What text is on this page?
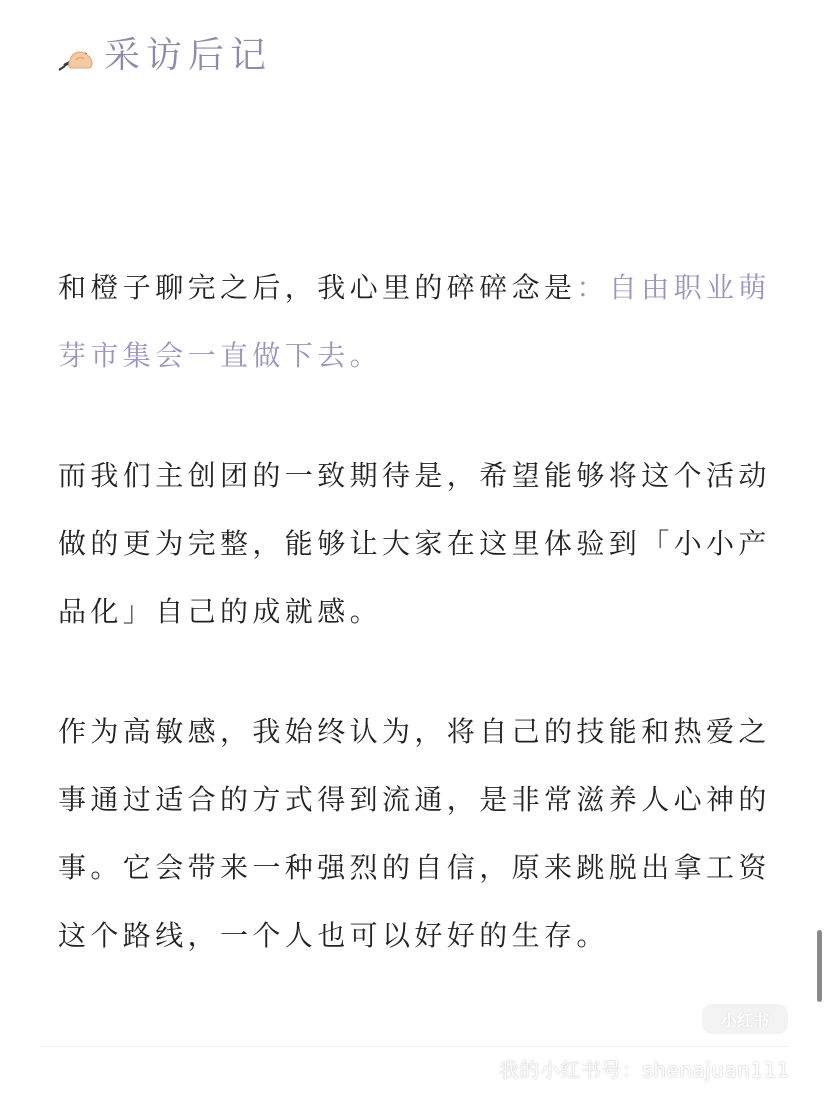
采访后记

和橙子聊完之后，我心里的碎碎念是：自由职业萌芽市集会一直做下去。

而我们主创团的一致期待是，希望能够将这个活动做的更为完整，能够让大家在这里体验到「小小产品化」自己的成就感。

作为高敏感，我始终认为，将自己的技能和热爱之事通过适合的方式得到流通，是非常滋养人心神的事。它会带来一种强烈的自信，原来跳脱出拿工资这个路线，一个人也可以好好的生存。

小红书
我的小红书号：shenajuan111
